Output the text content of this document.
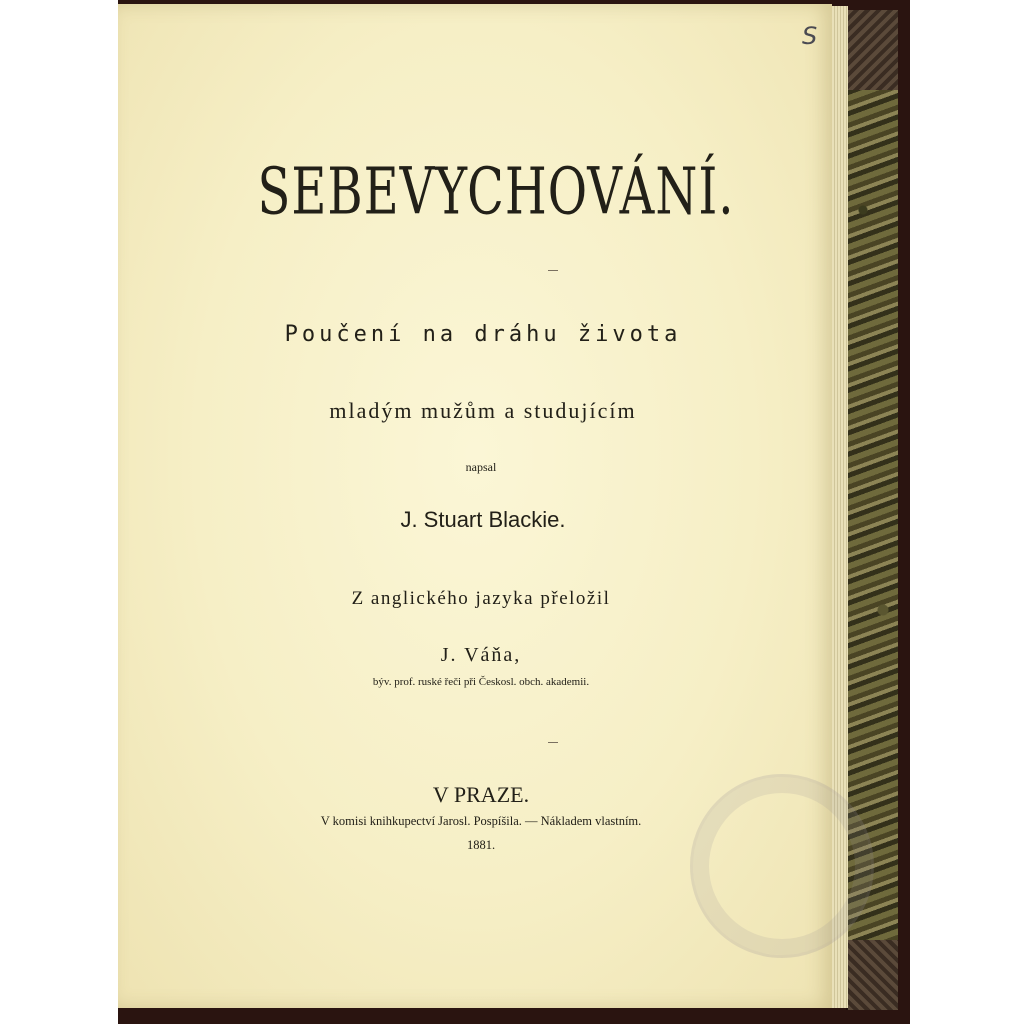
SEBEVYCHOVÁNÍ.
Poučení na dráhu života
mladým mužům a studujícím
napsal
J. Stuart Blackie.
Z anglického jazyka přeložil
J. Váňa,
býv. prof. ruské řeči při Českosl. obch. akademii.
V PRAZE.
V komisi knihkupectví Jarosl. Pospíšila. — Nákladem vlastním.
1881.
S
